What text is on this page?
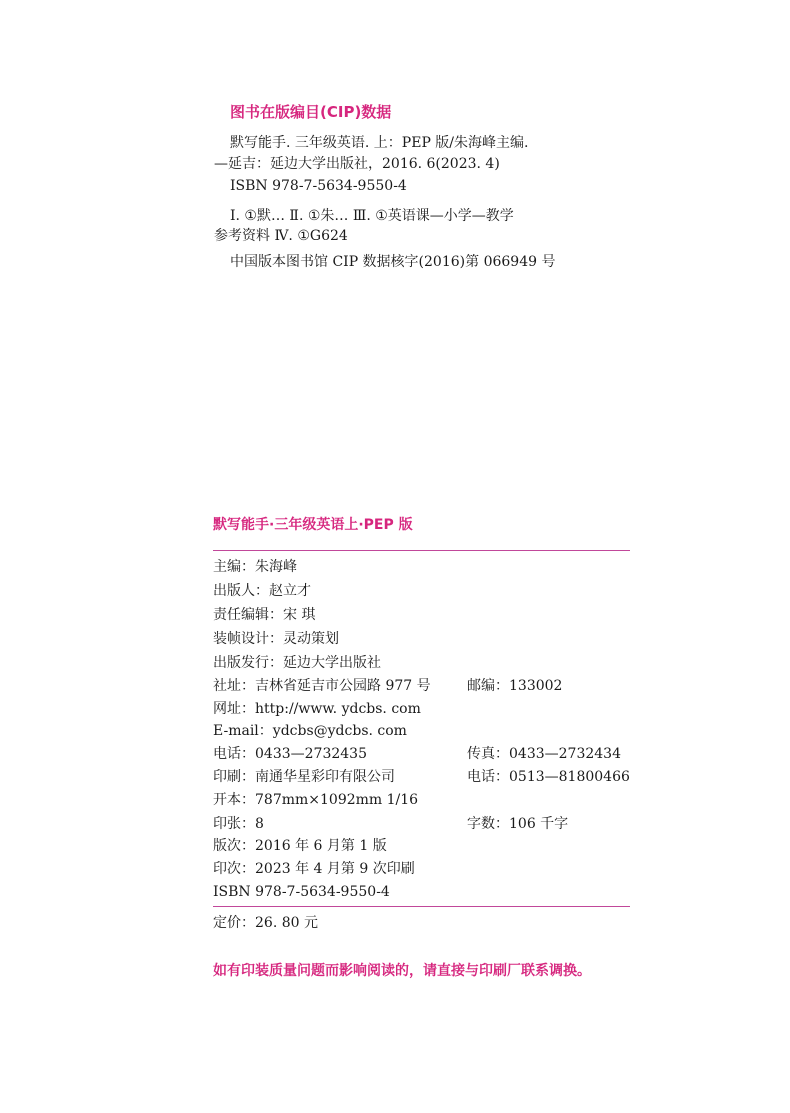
图书在版编目(CIP)数据
默写能手. 三年级英语. 上：PEP 版/朱海峰主编.
—延吉：延边大学出版社，2016. 6(2023. 4)
ISBN 978-7-5634-9550-4
Ⅰ. ①默… Ⅱ. ①朱… Ⅲ. ①英语课—小学—教学
参考资料 Ⅳ. ①G624
中国版本图书馆 CIP 数据核字(2016)第 066949 号
默写能手·三年级英语上·PEP 版
主编：朱海峰
出版人：赵立才
责任编辑：宋 琪
装帧设计：灵动策划
出版发行：延边大学出版社
社址：吉林省延吉市公园路 977 号	邮编：133002
网址：http://www. ydcbs. com
E-mail：ydcbs@ydcbs. com
电话：0433—2732435	传真：0433—2732434
印刷：南通华星彩印有限公司	电话：0513—81800466
开本：787mm×1092mm 1/16
印张：8	字数：106 千字
版次：2016 年 6 月第 1 版
印次：2023 年 4 月第 9 次印刷
ISBN 978-7-5634-9550-4
定价：26. 80 元
如有印装质量问题而影响阅读的，请直接与印刷厂联系调换。
